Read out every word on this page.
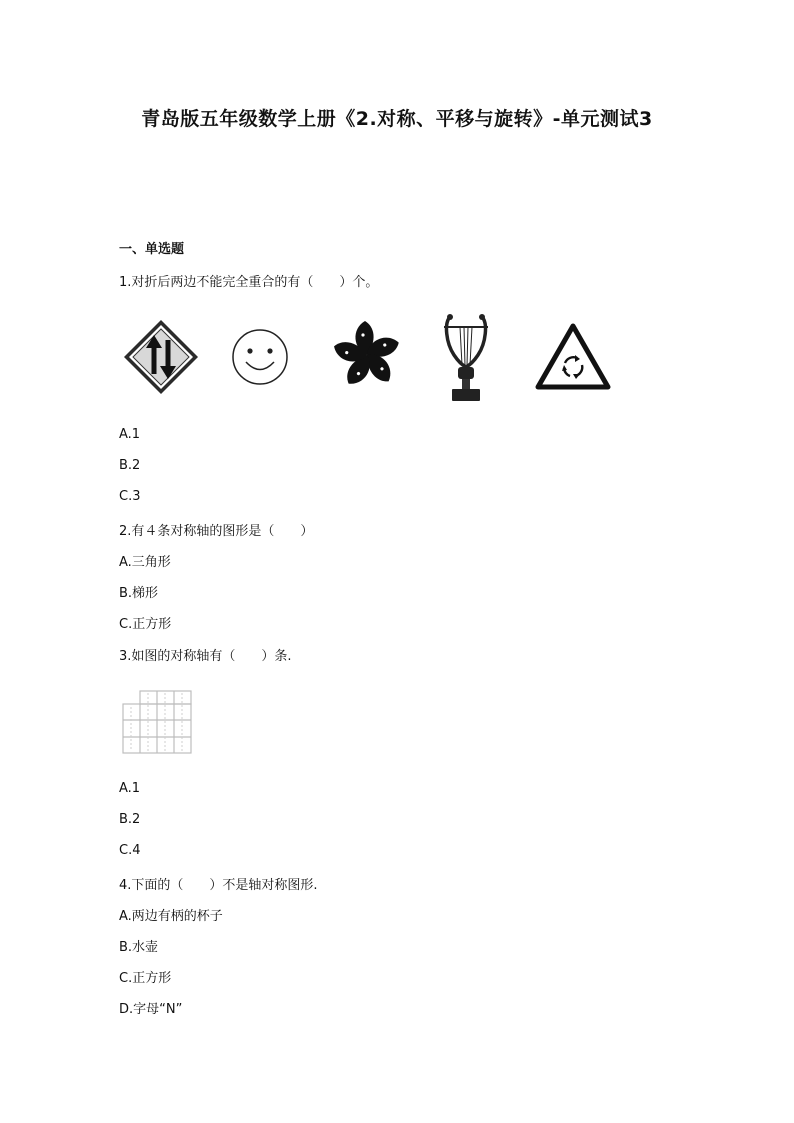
青岛版五年级数学上册《2.对称、平移与旋转》-单元测试3
一、单选题
1.对折后两边不能完全重合的有（　　）个。
A.1
B.2
C.3
2.有４条对称轴的图形是（　　）
A.三角形
B.梯形
C.正方形
3.如图的对称轴有（　　）条.
A.1
B.2
C.4
4.下面的（　　）不是轴对称图形.
A.两边有柄的杯子
B.水壶
C.正方形
D.字母“N”
